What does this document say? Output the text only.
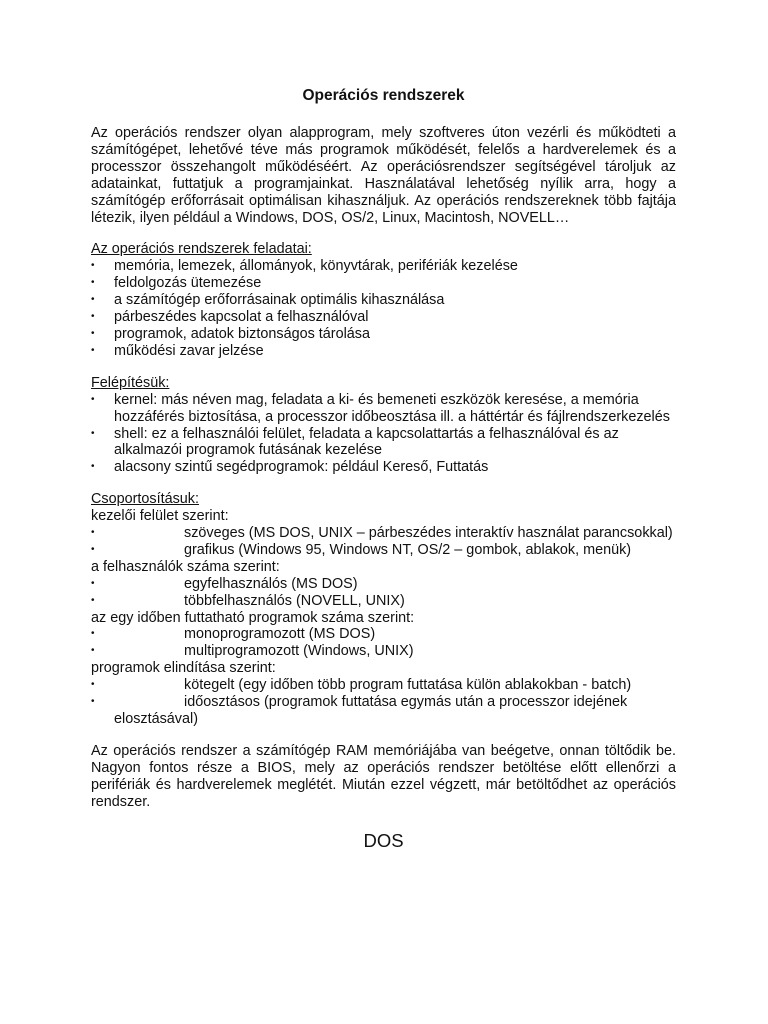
Operációs rendszerek

Az operációs rendszer olyan alapprogram, mely szoftveres úton vezérli és működteti a számítógépet, lehetővé téve más programok működését, felelős a hardverelemek és a processzor összehangolt működéséért. Az operációsrendszer segítségével tároljuk az adatainkat, futtatjuk a programjainkat. Használatával lehetőség nyílik arra, hogy a számítógép erőforrásait optimálisan kihasználjuk. Az operációs rendszereknek több fajtája létezik, ilyen például a Windows, DOS, OS/2, Linux, Macintosh, NOVELL…

Az operációs rendszerek feladatai:

• memória, lemezek, állományok, könyvtárak, perifériák kezelése
• feldolgozás ütemezése
• a számítógép erőforrásainak optimális kihasználása
• párbeszédes kapcsolat a felhasználóval
• programok, adatok biztonságos tárolása
• működési zavar jelzése

Felépítésük:

• kernel: más néven mag, feladata a ki- és bemeneti eszközök keresése, a memória hozzáférés biztosítása, a processzor időbeosztása ill. a háttértár és fájlrendszerkezelés
• shell: ez a felhasználói felület, feladata a kapcsolattartás a felhasználóval és az alkalmazói programok futásának kezelése
• alacsony szintű segédprogramok: például Kereső, Futtatás

Csoportosításuk:

kezelői felület szerint:

•	szöveges (MS DOS, UNIX – párbeszédes interaktív használat parancsokkal)
•	grafikus (Windows 95, Windows NT, OS/2 – gombok, ablakok, menük)

a felhasználók száma szerint:

•	egyfelhasználós (MS DOS)
•	többfelhasználós (NOVELL, UNIX)

az egy időben futtatható programok száma szerint:

•	monoprogramozott (MS DOS)
•	multiprogramozott (Windows, UNIX)

programok elindítása szerint:

•	kötegelt (egy időben több program futtatása külön ablakokban - batch)
•	időosztásos (programok futtatása egymás után a processzor idejének elosztásával)

Az operációs rendszer a számítógép RAM memóriájába van beégetve, onnan töltődik be. Nagyon fontos része a BIOS, mely az operációs rendszer betöltése előtt ellenőrzi a perifériák és hardverelemek meglétét. Miután ezzel végzett, már betöltődhet az operációs rendszer.

DOS
